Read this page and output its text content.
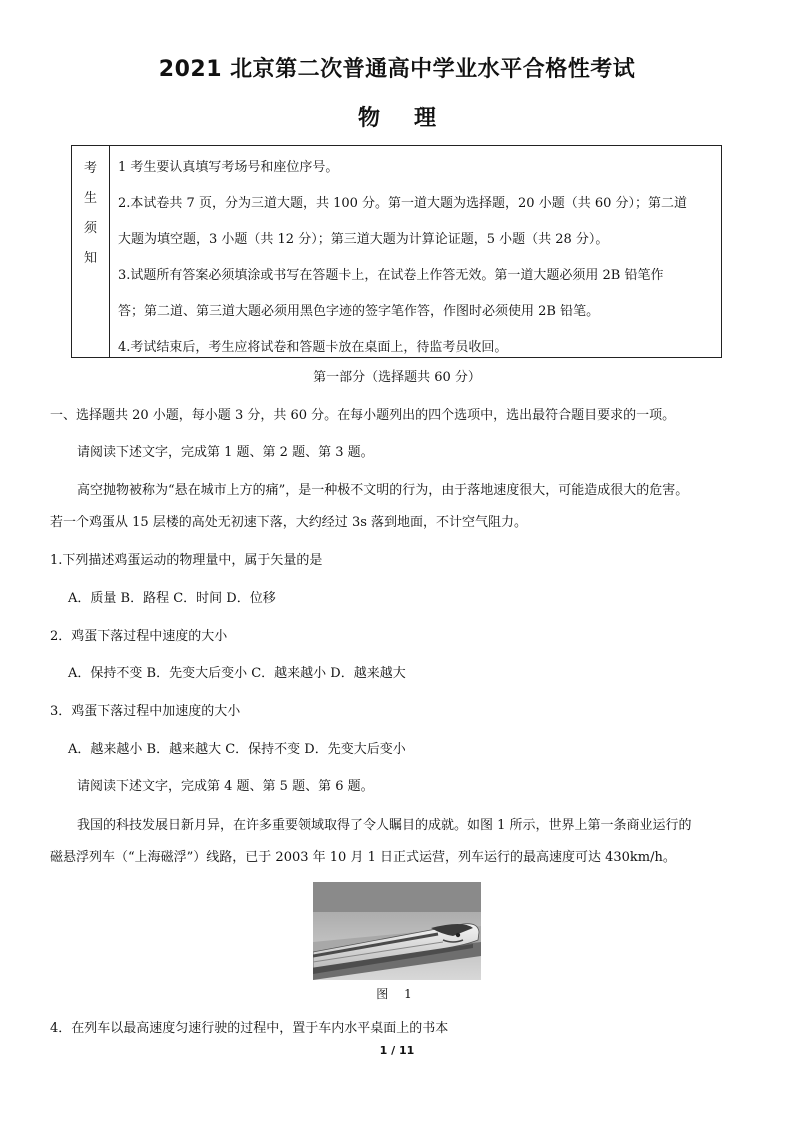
2021 北京第二次普通高中学业水平合格性考试
物理
考
生
须
知

1 考生要认真填写考场号和座位序号。

2.本试卷共 7 页，分为三道大题，共 100 分。第一道大题为选择题，20 小题（共 60 分）；第二道

大题为填空题，3 小题（共 12 分）；第三道大题为计算论证题，5 小题（共 28 分）。

3.试题所有答案必须填涂或书写在答题卡上，在试卷上作答无效。第一道大题必须用 2B 铅笔作

答；第二道、第三道大题必须用黑色字迹的签字笔作答，作图时必须使用 2B 铅笔。

4.考试结束后，考生应将试卷和答题卡放在桌面上，待监考员收回。

第一部分（选择题共 60 分）
一、选择题共 20 小题，每小题 3 分，共 60 分。在每小题列出的四个选项中，选出最符合题目要求的一项。
请阅读下述文字，完成第 1 题、第 2 题、第 3 题。
高空抛物被称为“悬在城市上方的痛”，是一种极不文明的行为，由于落地速度很大，可能造成很大的危害。
若一个鸡蛋从 15 层楼的高处无初速下落，大约经过 3s 落到地面，不计空气阻力。
1.下列描述鸡蛋运动的物理量中，属于矢量的是
A．质量 B．路程 C．时间 D．位移
2．鸡蛋下落过程中速度的大小
A．保持不变 B．先变大后变小 C．越来越小 D．越来越大
3．鸡蛋下落过程中加速度的大小
A．越来越小 B．越来越大 C．保持不变 D．先变大后变小
请阅读下述文字，完成第 4 题、第 5 题、第 6 题。
我国的科技发展日新月异，在许多重要领域取得了令人瞩目的成就。如图 1 所示，世界上第一条商业运行的
磁悬浮列车（“上海磁浮”）线路，已于 2003 年 10 月 1 日正式运营，列车运行的最高速度可达 430km/h。
图 1
4．在列车以最高速度匀速行驶的过程中，置于车内水平桌面上的书本
1 / 11
